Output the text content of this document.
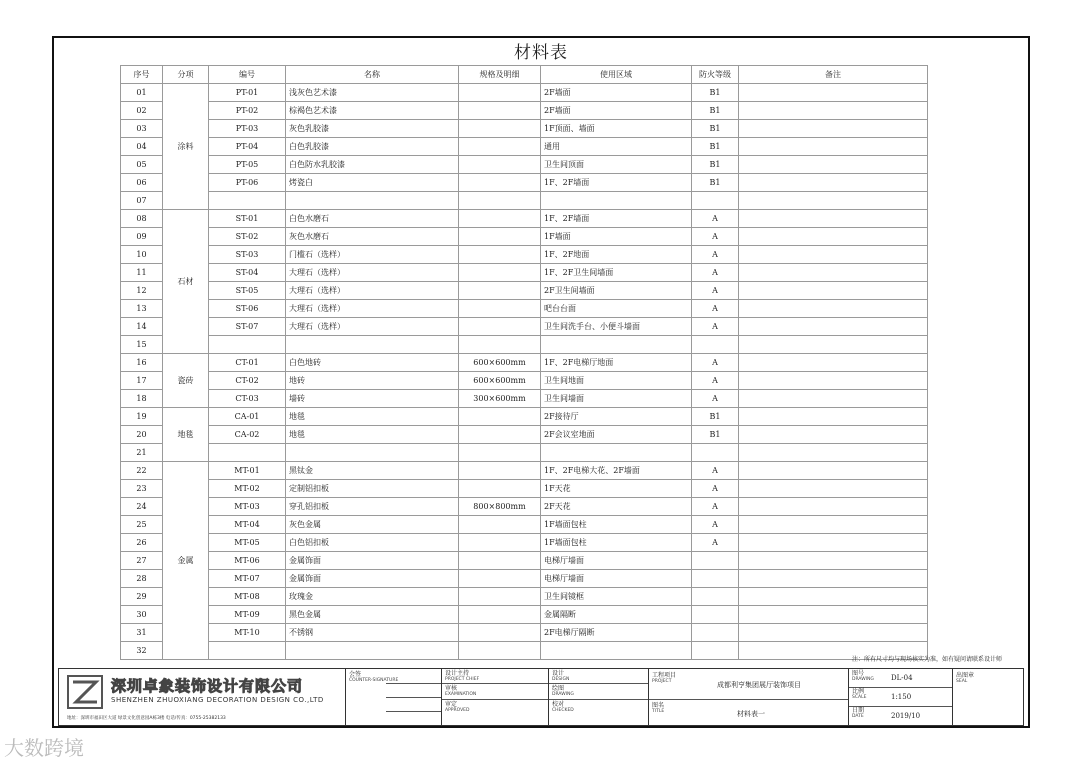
材料表
序号	分项	编号	名称	规格及明细	使用区域	防火等级	备注
01	涂料	PT-01	浅灰色艺术漆		2F墙面	B1	
02		PT-02	棕褐色艺术漆		2F墙面	B1	
03		PT-03	灰色乳胶漆		1F顶面、墙面	B1	
04		PT-04	白色乳胶漆		通用	B1	
05		PT-05	白色防水乳胶漆		卫生间顶面	B1	
06		PT-06	烤瓷白		1F、2F墙面	B1	
07							
08	石材	ST-01	白色水磨石		1F、2F墙面	A	
09		ST-02	灰色水磨石		1F墙面	A	
10		ST-03	门槛石（选样）		1F、2F地面	A	
11		ST-04	大理石（选样）		1F、2F卫生间墙面	A	
12		ST-05	大理石（选样）		2F卫生间墙面	A	
13		ST-06	大理石（选样）		吧台台面	A	
14		ST-07	大理石（选样）		卫生间洗手台、小便斗墙面	A	
15							
16	瓷砖	CT-01	白色地砖	600×600mm	1F、2F电梯厅地面	A	
17		CT-02	地砖	600×600mm	卫生间地面	A	
18		CT-03	墙砖	300×600mm	卫生间墙面	A	
19	地毯	CA-01	地毯		2F接待厅	B1	
20		CA-02	地毯		2F会议室地面	B1	
21							
22	金属	MT-01	黑钛金		1F、2F电梯大花、2F墙面	A	
23		MT-02	定制铝扣板		1F天花	A	
24		MT-03	穿孔铝扣板	800×800mm	2F天花	A	
25		MT-04	灰色金属		1F墙面包柱	A	
26		MT-05	白色铝扣板		1F墙面包柱	A	
27		MT-06	金属饰面		电梯厅墙面		
28		MT-07	金属饰面		电梯厅墙面		
29		MT-08	玫瑰金		卫生间镜框		
30		MT-09	黑色金属		金属隔断		
31		MT-10	不锈钢		2F电梯厅隔断		
32							
注：所有尺寸均与现场核实为准，如有疑问请联系设计师
深圳卓象装饰设计有限公司
SHENZHEN ZHUOXIANG DECORATION DESIGN CO.,LTD
地址：深圳市福田区大道 绿景文化创意园A栋3楼 电话/传真：0755-25382133
会签
COUNTER-SIGNATURE
设计主持
PROJECT CHIEF
审核
EXAMINATION
审定
APPROVED
设计
DESIGN
绘图
DRAWING
校对
CHECKED
工程项目
PROJECT	成都利亨集团展厅装饰项目
图名
TITLE	材料表一
图号
DRAWING DL-04
比例
SCALE	1:150
日期
DATE	2019/10
出图章
SEAL
大数跨境
